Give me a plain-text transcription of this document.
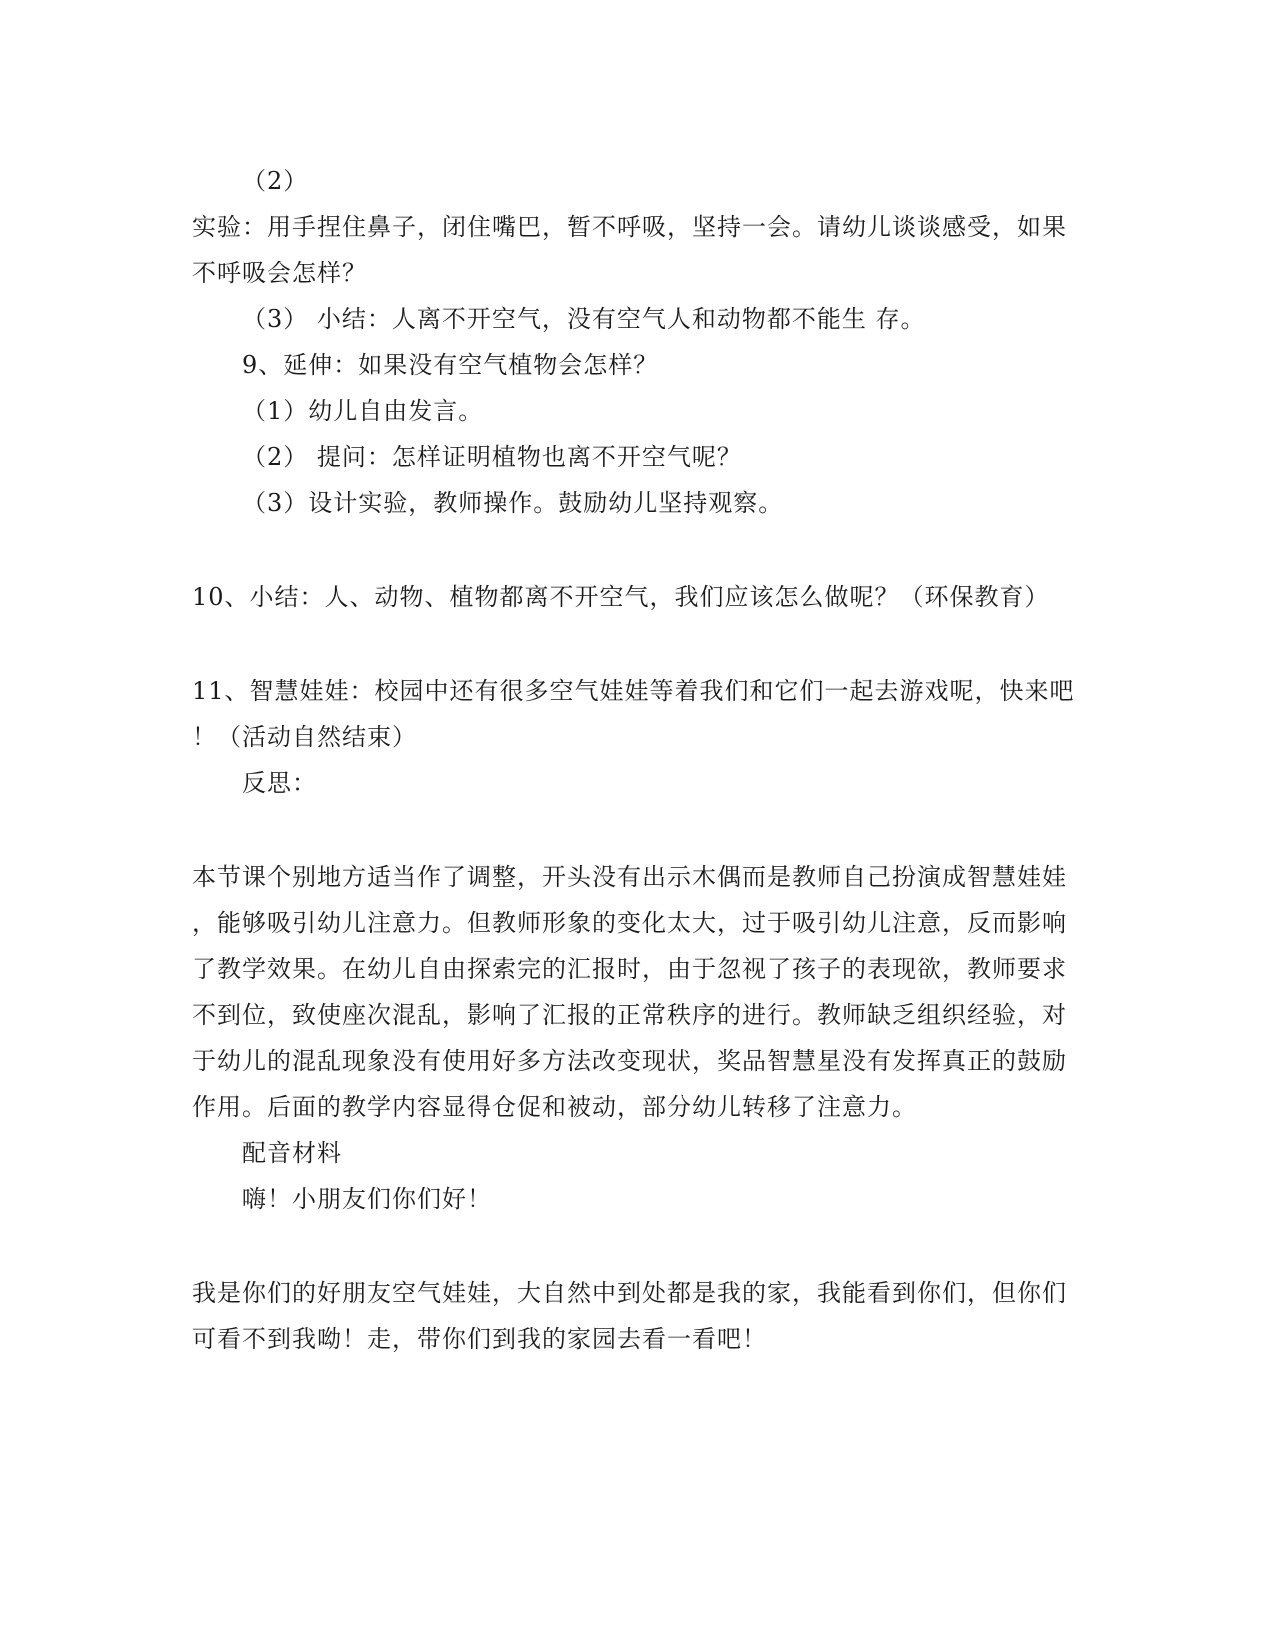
（2）
实验：用手捏住鼻子，闭住嘴巴，暂不呼吸，坚持一会。请幼儿谈谈感受，如果
不呼吸会怎样？
（3） 小结：人离不开空气，没有空气人和动物都不能生 存。
9、延伸：如果没有空气植物会怎样？
（1）幼儿自由发言。
（2） 提问：怎样证明植物也离不开空气呢？
（3）设计实验，教师操作。鼓励幼儿坚持观察。
10、小结：人、动物、植物都离不开空气，我们应该怎么做呢？（环保教育）
11、智慧娃娃：校园中还有很多空气娃娃等着我们和它们一起去游戏呢，快来吧
！（活动自然结束）
反思：
本节课个别地方适当作了调整，开头没有出示木偶而是教师自己扮演成智慧娃娃
，能够吸引幼儿注意力。但教师形象的变化太大，过于吸引幼儿注意，反而影响
了教学效果。在幼儿自由探索完的汇报时，由于忽视了孩子的表现欲，教师要求
不到位，致使座次混乱，影响了汇报的正常秩序的进行。教师缺乏组织经验，对
于幼儿的混乱现象没有使用好多方法改变现状，奖品智慧星没有发挥真正的鼓励
作用。后面的教学内容显得仓促和被动，部分幼儿转移了注意力。
配音材料
嗨！小朋友们你们好！
我是你们的好朋友空气娃娃，大自然中到处都是我的家，我能看到你们，但你们
可看不到我呦！走，带你们到我的家园去看一看吧！
